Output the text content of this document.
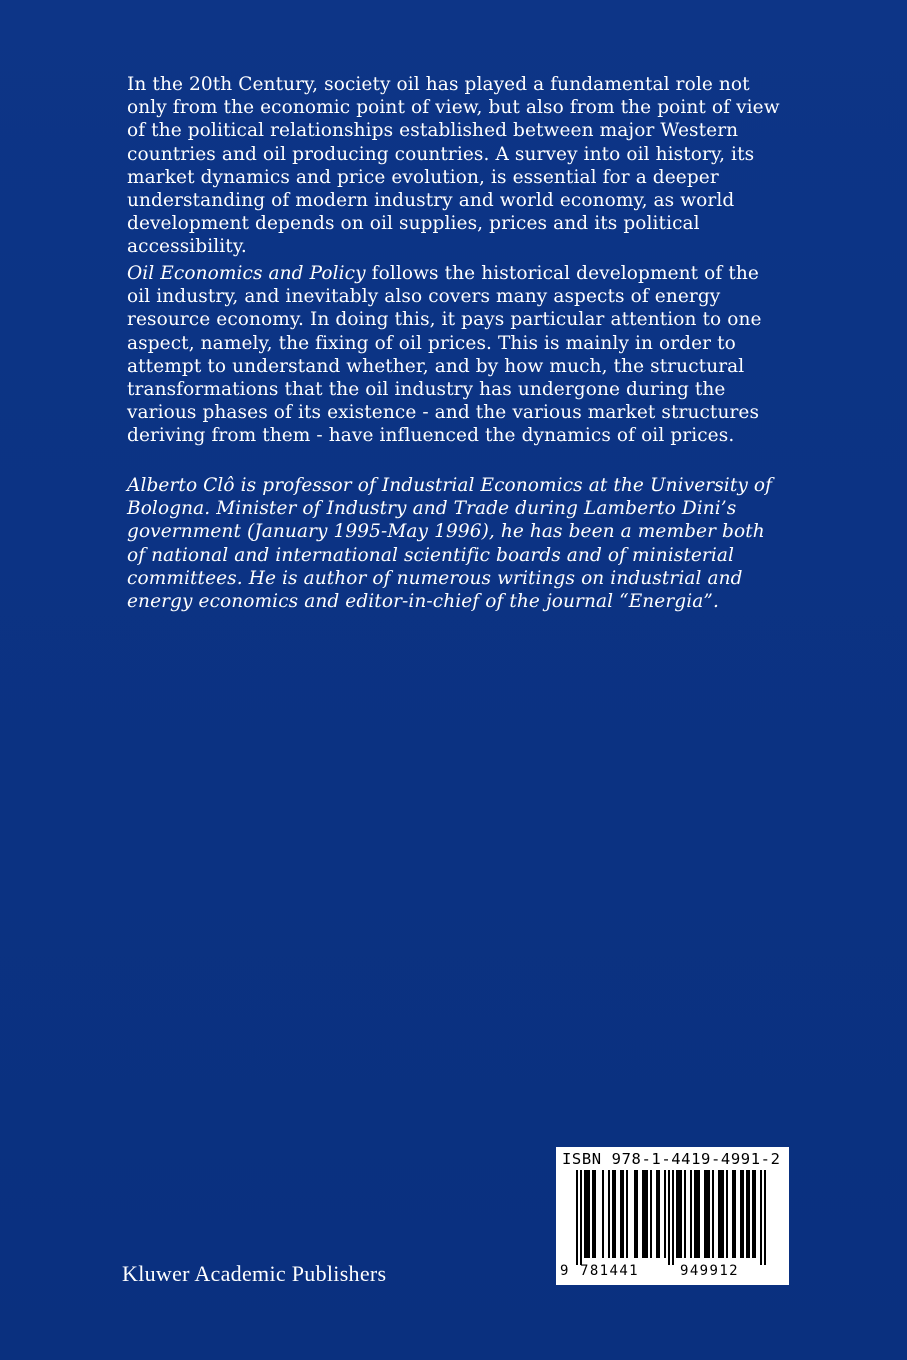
In the 20th Century, society oil has played a fundamental role not only from the economic point of view, but also from the point of view of the political relationships established between major Western countries and oil producing countries. A survey into oil history, its market dynamics and price evolution, is essential for a deeper understanding of modern industry and world economy, as world development depends on oil supplies, prices and its political accessibility.

Oil Economics and Policy follows the historical development of the oil industry, and inevitably also covers many aspects of energy resource economy. In doing this, it pays particular attention to one aspect, namely, the fixing of oil prices. This is mainly in order to attempt to understand whether, and by how much, the structural transformations that the oil industry has undergone during the various phases of its existence - and the various market structures deriving from them - have influenced the dynamics of oil prices.

Alberto Clô is professor of Industrial Economics at the University of Bologna. Minister of Industry and Trade during Lamberto Dini’s government (January 1995-May 1996), he has been a member both of national and international scientific boards and of ministerial committees. He is author of numerous writings on industrial and energy economics and editor-in-chief of the journal “Energia”.

Kluwer Academic Publishers
ISBN 978-1-4419-4991-2
9 781441	949912
